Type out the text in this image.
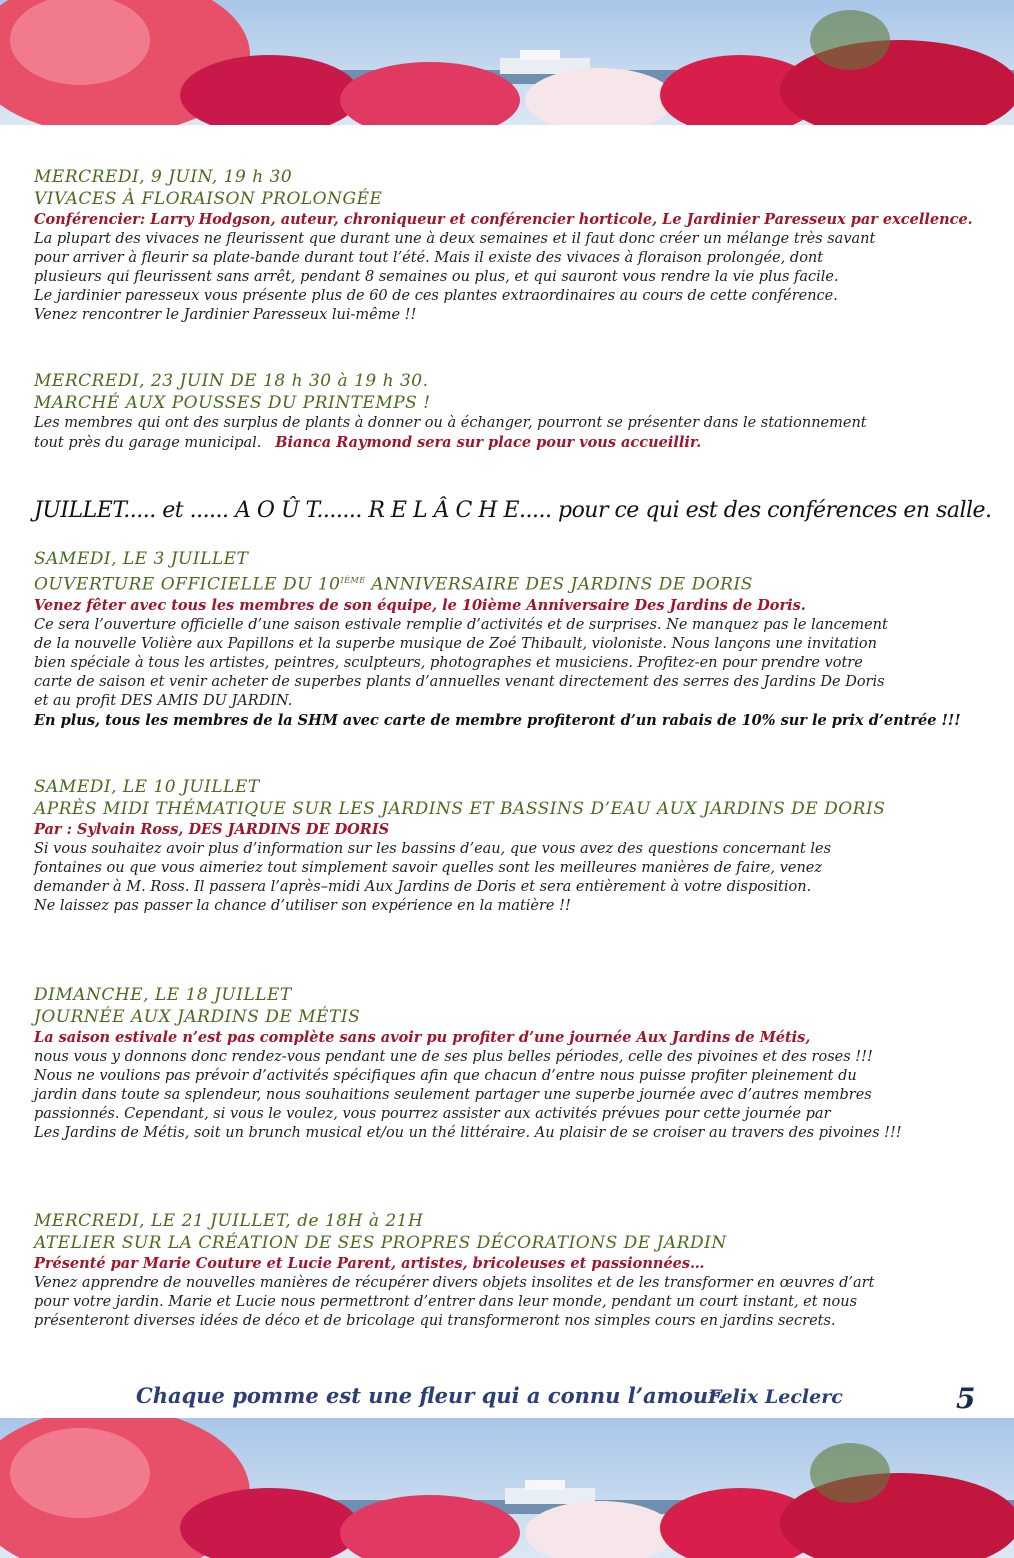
MERCREDI, 9 JUIN, 19 h 30
VIVACES À FLORAISON PROLONGÉE
Conférencier: Larry Hodgson, auteur, chroniqueur et conférencier horticole, Le Jardinier Paresseux par excellence.

La plupart des vivaces ne fleurissent que durant une à deux semaines et il faut donc créer un mélange très savant

pour arriver à fleurir sa plate-bande durant tout l’été. Mais il existe des vivaces à floraison prolongée, dont

plusieurs qui fleurissent sans arrêt, pendant 8 semaines ou plus, et qui sauront vous rendre la vie plus facile.

Le jardinier paresseux vous présente plus de 60 de ces plantes extraordinaires au cours de cette conférence.

Venez rencontrer le Jardinier Paresseux lui-même !!

MERCREDI, 23 JUIN DE 18 h 30 à 19 h 30.
MARCHÉ AUX POUSSES DU PRINTEMPS !

Les membres qui ont des surplus de plants à donner ou à échanger, pourront se présenter dans le stationnement

tout près du garage municipal. Bianca Raymond sera sur place pour vous accueillir.

JUILLET..... et ...... A O Û T....... R E L Â C H E..... pour ce qui est des conférences en salle.
SAMEDI, LE 3 JUILLET
OUVERTURE OFFICIELLE DU 10IÈME ANNIVERSAIRE DES JARDINS DE DORIS
Venez fêter avec tous les membres de son équipe, le 10ième Anniversaire Des Jardins de Doris.

Ce sera l’ouverture officielle d’une saison estivale remplie d’activités et de surprises. Ne manquez pas le lancement

de la nouvelle Volière aux Papillons et la superbe musique de Zoé Thibault, violoniste. Nous lançons une invitation

bien spéciale à tous les artistes, peintres, sculpteurs, photographes et musiciens. Profitez-en pour prendre votre

carte de saison et venir acheter de superbes plants d’annuelles venant directement des serres des Jardins De Doris

et au profit DES AMIS DU JARDIN.

En plus, tous les membres de la SHM avec carte de membre profiteront d’un rabais de 10% sur le prix d’entrée !!!
SAMEDI, LE 10 JUILLET
APRÈS MIDI THÉMATIQUE SUR LES JARDINS ET BASSINS D’EAU AUX JARDINS DE DORIS
Par : Sylvain Ross, DES JARDINS DE DORIS

Si vous souhaitez avoir plus d’information sur les bassins d’eau, que vous avez des questions concernant les

fontaines ou que vous aimeriez tout simplement savoir quelles sont les meilleures manières de faire, venez

demander à M. Ross. Il passera l’après–midi Aux Jardins de Doris et sera entièrement à votre disposition.

Ne laissez pas passer la chance d’utiliser son expérience en la matière !!

DIMANCHE, LE 18 JUILLET
JOURNÉE AUX JARDINS DE MÉTIS
La saison estivale n’est pas complète sans avoir pu profiter d’une journée Aux Jardins de Métis,

nous vous y donnons donc rendez-vous pendant une de ses plus belles périodes, celle des pivoines et des roses !!!

Nous ne voulions pas prévoir d’activités spécifiques afin que chacun d’entre nous puisse profiter pleinement du

jardin dans toute sa splendeur, nous souhaitions seulement partager une superbe journée avec d’autres membres

passionnés. Cependant, si vous le voulez, vous pourrez assister aux activités prévues pour cette journée par

Les Jardins de Métis, soit un brunch musical et/ou un thé littéraire. Au plaisir de se croiser au travers des pivoines !!!

MERCREDI, LE 21 JUILLET, de 18H à 21H
ATELIER SUR LA CRÉATION DE SES PROPRES DÉCORATIONS DE JARDIN
Présenté par Marie Couture et Lucie Parent, artistes, bricoleuses et passionnées…

Venez apprendre de nouvelles manières de récupérer divers objets insolites et de les transformer en œuvres d’art

pour votre jardin. Marie et Lucie nous permettront d’entrer dans leur monde, pendant un court instant, et nous

présenteront diverses idées de déco et de bricolage qui transformeront nos simples cours en jardins secrets.

Chaque pomme est une fleur qui a connu l’amour.
Felix Leclerc	5
